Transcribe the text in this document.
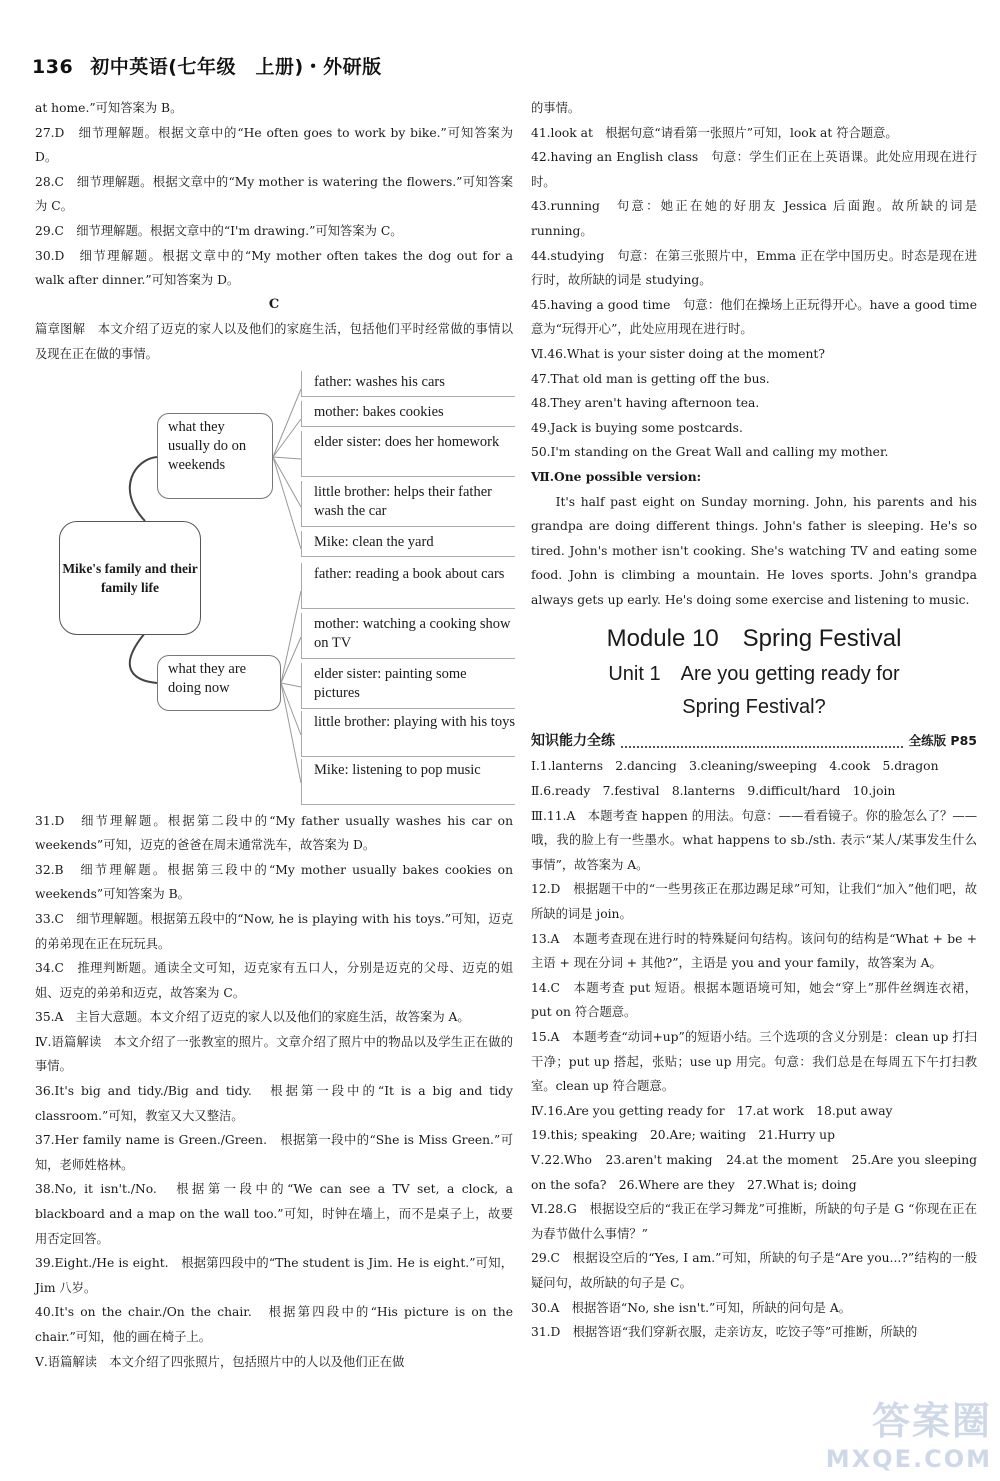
136 初中英语(七年级　上册)・外研版

at home.”可知答案为 B。

27.D　细节理解题。根据文章中的“He often goes to work by bike.”可知答案为 D。

28.C　细节理解题。根据文章中的“My mother is watering the flowers.”可知答案为 C。

29.C　细节理解题。根据文章中的“I'm drawing.”可知答案为 C。

30.D　细节理解题。根据文章中的“My mother often takes the dog out for a walk after dinner.”可知答案为 D。

C

篇章图解　本文介绍了迈克的家人以及他们的家庭生活，包括他们平时经常做的事情以及现在正在做的事情。

Mike's family and their family life
what they usually do on weekends
what they are doing now
father: washes his cars
mother: bakes cookies
elder sister: does her homework
little brother: helps their father wash the car
Mike: clean the yard
father: reading a book about cars
mother: watching a cooking show on TV
elder sister: painting some pictures
little brother: playing with his toys
Mike: listening to pop music

31.D　细节理解题。根据第二段中的“My father usually washes his car on weekends”可知，迈克的爸爸在周末通常洗车，故答案为 D。

32.B　细节理解题。根据第三段中的“My mother usually bakes cookies on weekends”可知答案为 B。

33.C　细节理解题。根据第五段中的“Now, he is playing with his toys.”可知，迈克的弟弟现在正在玩玩具。

34.C　推理判断题。通读全文可知，迈克家有五口人，分别是迈克的父母、迈克的姐姐、迈克的弟弟和迈克，故答案为 C。

35.A　主旨大意题。本文介绍了迈克的家人以及他们的家庭生活，故答案为 A。

Ⅳ.语篇解读　本文介绍了一张教室的照片。文章介绍了照片中的物品以及学生正在做的事情。

36.It's big and tidy./Big and tidy.　根据第一段中的“It is a big and tidy classroom.”可知，教室又大又整洁。

37.Her family name is Green./Green.　根据第一段中的“She is Miss Green.”可知，老师姓格林。

38.No, it isn't./No.　根据第一段中的“We can see a TV set, a clock, a blackboard and a map on the wall too.”可知，时钟在墙上，而不是桌子上，故要用否定回答。

39.Eight./He is eight.　根据第四段中的“The student is Jim. He is eight.”可知，Jim 八岁。

40.It's on the chair./On the chair.　根据第四段中的“His picture is on the chair.”可知，他的画在椅子上。

Ⅴ.语篇解读　本文介绍了四张照片，包括照片中的人以及他们正在做

的事情。

41.look at　根据句意“请看第一张照片”可知，look at 符合题意。

42.having an English class　句意：学生们正在上英语课。此处应用现在进行时。

43.running　句意：她正在她的好朋友 Jessica 后面跑。故所缺的词是 running。

44.studying　句意：在第三张照片中，Emma 正在学中国历史。时态是现在进行时，故所缺的词是 studying。

45.having a good time　句意：他们在操场上正玩得开心。have a good time 意为“玩得开心”，此处应用现在进行时。

Ⅵ.46.What is your sister doing at the moment?

47.That old man is getting off the bus.

48.They aren't having afternoon tea.

49.Jack is buying some postcards.

50.I'm standing on the Great Wall and calling my mother.

Ⅶ.One possible version:

It's half past eight on Sunday morning. John, his parents and his grandpa are doing different things. John's father is sleeping. He's so tired. John's mother isn't cooking. She's watching TV and eating some food. John is climbing a mountain. He loves sports. John's grandpa always gets up early. He's doing some exercise and listening to music.

Module 10　Spring Festival

Unit 1　Are you getting ready for

Spring Festival?

知识能力全练	全练版 P85

Ⅰ.1.lanterns　2.dancing　3.cleaning/sweeping　4.cook　5.dragon

Ⅱ.6.ready　7.festival　8.lanterns　9.difficult/hard　10.join

Ⅲ.11.A　本题考查 happen 的用法。句意：——看看镜子。你的脸怎么了？——哦，我的脸上有一些墨水。what happens to sb./sth. 表示“某人/某事发生什么事情”，故答案为 A。

12.D　根据题干中的“一些男孩正在那边踢足球”可知，让我们“加入”他们吧，故所缺的词是 join。

13.A　本题考查现在进行时的特殊疑问句结构。该问句的结构是“What + be + 主语 + 现在分词 + 其他?”，主语是 you and your family，故答案为 A。

14.C　本题考查 put 短语。根据本题语境可知，她会“穿上”那件丝绸连衣裙，put on 符合题意。

15.A　本题考查“动词+up”的短语小结。三个选项的含义分别是：clean up 打扫干净；put up 搭起，张贴；use up 用完。句意：我们总是在每周五下午打扫教室。clean up 符合题意。

Ⅳ.16.Are you getting ready for　17.at work　18.put away

19.this; speaking　20.Are; waiting　21.Hurry up

Ⅴ.22.Who　23.aren't making　24.at the moment　25.Are you sleeping on the sofa?　26.Where are they　27.What is; doing

Ⅵ.28.G　根据设空后的“我正在学习舞龙”可推断，所缺的句子是 G “你现在正在为春节做什么事情？”

29.C　根据设空后的“Yes, I am.”可知，所缺的句子是“Are you...?”结构的一般疑问句，故所缺的句子是 C。

30.A　根据答语“No, she isn't.”可知，所缺的问句是 A。

31.D　根据答语“我们穿新衣服，走亲访友，吃饺子等”可推断，所缺的

答案圈
MXQE.COM
